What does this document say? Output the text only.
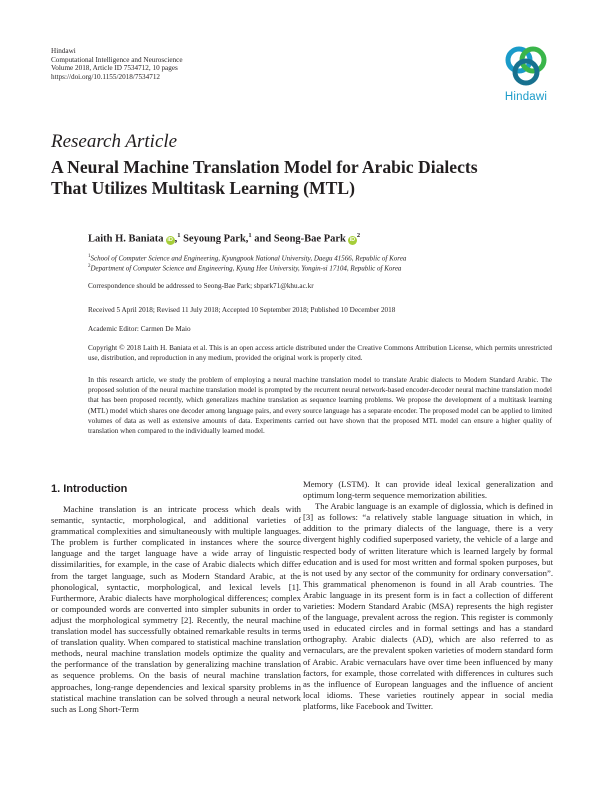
Hindawi
Computational Intelligence and Neuroscience
Volume 2018, Article ID 7534712, 10 pages
https://doi.org/10.1155/2018/7534712
Hindawi
Research Article
A Neural Machine Translation Model for Arabic Dialects
That Utilizes Multitask Learning (MTL)
Laith H. Baniata iD ,$^1$ Seyoung Park,$^1$ and Seong-Bae Park $iD^2$
$^1$School of Computer Science and Engineering, Kyungpook National University, Daegu 41566, Republic of Korea
$^2$Department of Computer Science and Engineering, Kyung Hee University, Yongin-si 17104, Republic of Korea
Correspondence should be addressed to Seong-Bae Park; sbpark71@khu.ac.kr
Received 5 April 2018; Revised 11 July 2018; Accepted 10 September 2018; Published 10 December 2018
Academic Editor: Carmen De Maio
Copyright © 2018 Laith H. Baniata et al. This is an open access article distributed under the Creative Commons Attribution License, which permits unrestricted use, distribution, and reproduction in any medium, provided the original work is properly cited.
In this research article, we study the problem of employing a neural machine translation model to translate Arabic dialects to Modern Standard Arabic. The proposed solution of the neural machine translation model is prompted by the recurrent neural network-based encoder-decoder neural machine translation model that has been proposed recently, which generalizes machine translation as sequence learning problems. We propose the development of a multitask learning (MTL) model which shares one decoder among language pairs, and every source language has a separate encoder. The proposed model can be applied to limited volumes of data as well as extensive amounts of data. Experiments carried out have shown that the proposed MTL model can ensure a higher quality of translation when compared to the individually learned model.
1. Introduction

Machine translation is an intricate process which deals with semantic, syntactic, morphological, and additional varieties of grammatical complexities and simultaneously with multiple languages. The problem is further complicated in instances where the source language and the target language have a wide array of linguistic dissimilarities, for example, in the case of Arabic dialects which differ from the target language, such as Modern Standard Arabic, at the phonological, syntactic, morphological, and lexical levels [1]. Furthermore, Arabic dialects have morphological differences; complex or compounded words are converted into simpler subunits in order to adjust the morphological symmetry [2]. Recently, the neural machine translation model has successfully obtained remarkable results in terms of translation quality. When compared to statistical machine translation methods, neural machine translation models optimize the quality and the performance of the translation by generalizing machine translation as sequence problems. On the basis of neural machine translation approaches, long-range dependencies and lexical sparsity problems in statistical machine translation can be solved through a neural network such as Long Short-Term

Memory (LSTM). It can provide ideal lexical generalization and optimum long-term sequence memorization abilities.

The Arabic language is an example of diglossia, which is defined in [3] as follows: “a relatively stable language situation in which, in addition to the primary dialects of the language, there is a very divergent highly codified superposed variety, the vehicle of a large and respected body of written literature which is learned largely by formal education and is used for most written and formal spoken purposes, but is not used by any sector of the community for ordinary conversation”. This grammatical phenomenon is found in all Arab countries. The Arabic language in its present form is in fact a collection of different varieties: Modern Standard Arabic (MSA) represents the high register of the language, prevalent across the region. This register is commonly used in educated circles and in formal settings and has a standard orthography. Arabic dialects (AD), which are also referred to as vernaculars, are the prevalent spoken varieties of modern standard form of Arabic. Arabic vernaculars have over time been influenced by many factors, for example, those correlated with differences in cultures such as the influence of European languages and the influence of ancient local idioms. These varieties routinely appear in social media platforms, like Facebook and Twitter.
